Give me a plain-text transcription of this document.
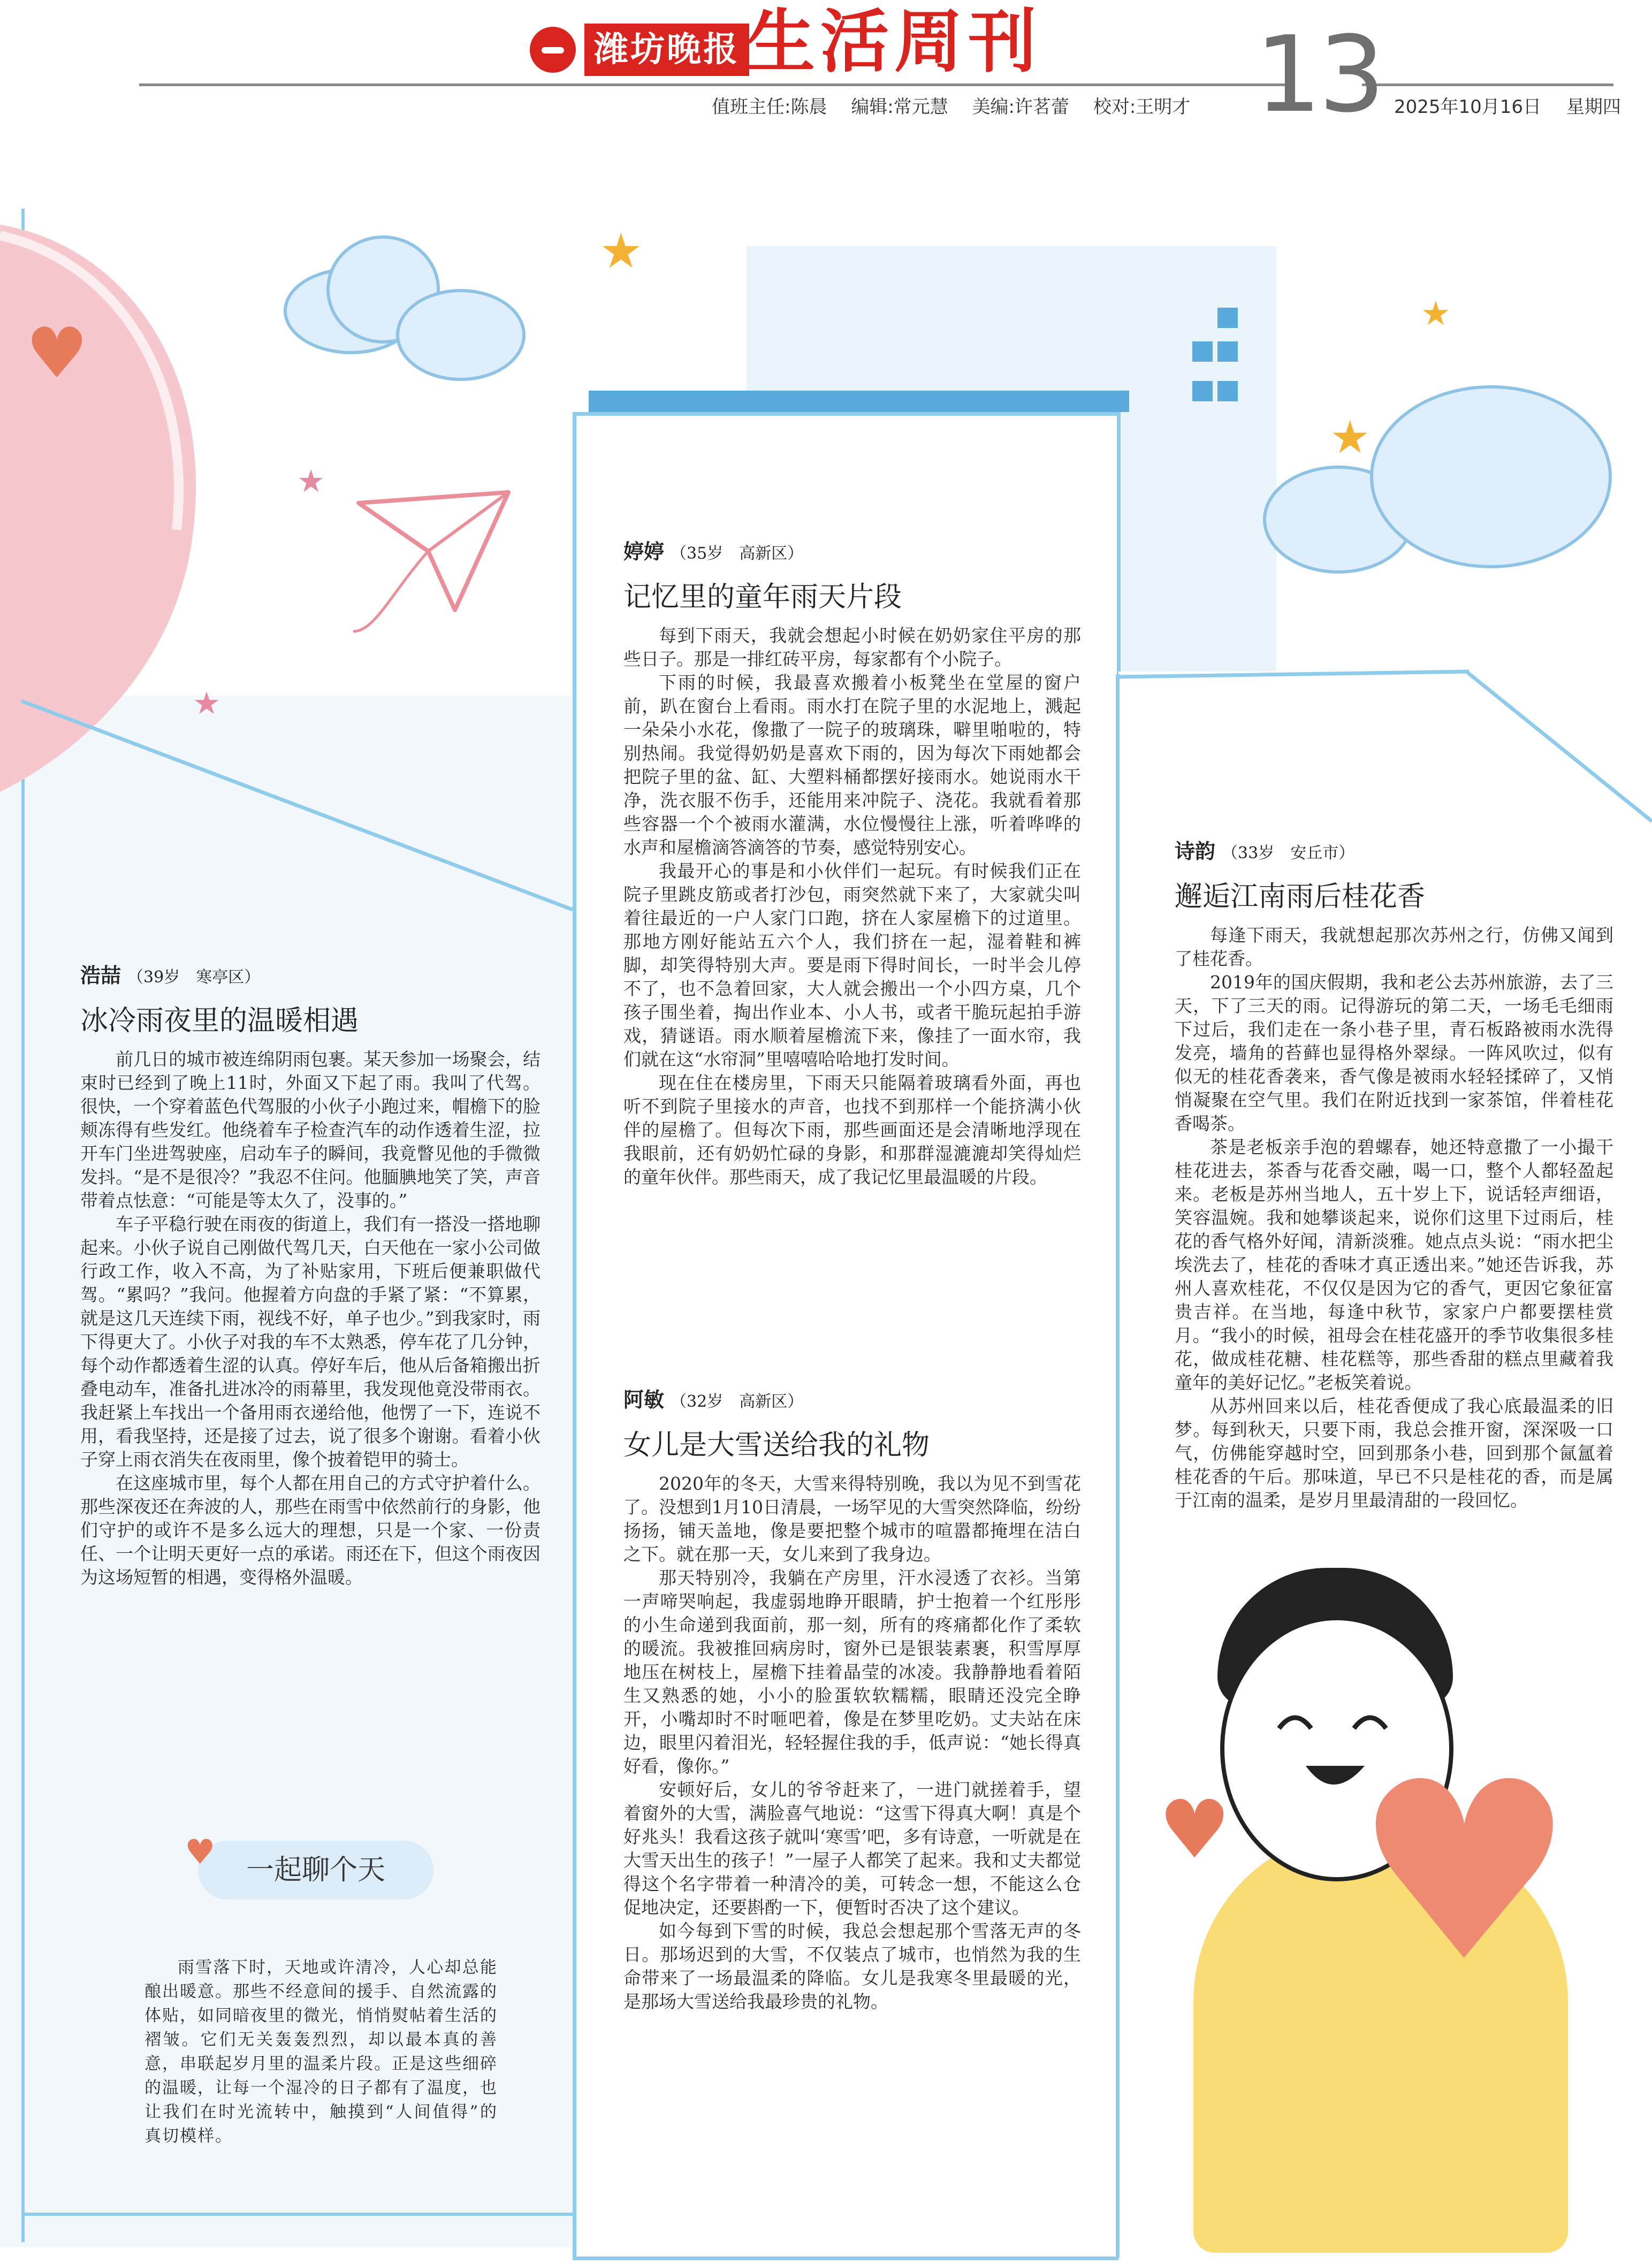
潍坊晚报 生活周刊 13
值班主任:陈晨 编辑:常元慧 美编:许茗蕾 校对:王明才	2025年10月16日 星期四
♥
★
★
★
★
★
浩喆 （39岁　寒亭区）
冰冷雨夜里的温暖相遇

前几日的城市被连绵阴雨包裹。某天参加一场聚会，结束时已经到了晚上11时，外面又下起了雨。我叫了代驾。很快，一个穿着蓝色代驾服的小伙子小跑过来，帽檐下的脸颊冻得有些发红。他绕着车子检查汽车的动作透着生涩，拉开车门坐进驾驶座，启动车子的瞬间，我竟瞥见他的手微微发抖。“是不是很冷？”我忍不住问。他腼腆地笑了笑，声音带着点怯意：“可能是等太久了，没事的。”

车子平稳行驶在雨夜的街道上，我们有一搭没一搭地聊起来。小伙子说自己刚做代驾几天，白天他在一家小公司做行政工作，收入不高，为了补贴家用，下班后便兼职做代驾。“累吗？”我问。他握着方向盘的手紧了紧：“不算累，就是这几天连续下雨，视线不好，单子也少。”到我家时，雨下得更大了。小伙子对我的车不太熟悉，停车花了几分钟，每个动作都透着生涩的认真。停好车后，他从后备箱搬出折叠电动车，准备扎进冰冷的雨幕里，我发现他竟没带雨衣。我赶紧上车找出一个备用雨衣递给他，他愣了一下，连说不用，看我坚持，还是接了过去，说了很多个谢谢。看着小伙子穿上雨衣消失在夜雨里，像个披着铠甲的骑士。

在这座城市里，每个人都在用自己的方式守护着什么。那些深夜还在奔波的人，那些在雨雪中依然前行的身影，他们守护的或许不是多么远大的理想，只是一个家、一份责任、一个让明天更好一点的承诺。雨还在下，但这个雨夜因为这场短暂的相遇，变得格外温暖。

婷婷 （35岁　高新区）
记忆里的童年雨天片段

每到下雨天，我就会想起小时候在奶奶家住平房的那些日子。那是一排红砖平房，每家都有个小院子。

下雨的时候，我最喜欢搬着小板凳坐在堂屋的窗户前，趴在窗台上看雨。雨水打在院子里的水泥地上，溅起一朵朵小水花，像撒了一院子的玻璃珠，噼里啪啦的，特别热闹。我觉得奶奶是喜欢下雨的，因为每次下雨她都会把院子里的盆、缸、大塑料桶都摆好接雨水。她说雨水干净，洗衣服不伤手，还能用来冲院子、浇花。我就看着那些容器一个个被雨水灌满，水位慢慢往上涨，听着哗哗的水声和屋檐滴答滴答的节奏，感觉特别安心。

我最开心的事是和小伙伴们一起玩。有时候我们正在院子里跳皮筋或者打沙包，雨突然就下来了，大家就尖叫着往最近的一户人家门口跑，挤在人家屋檐下的过道里。那地方刚好能站五六个人，我们挤在一起，湿着鞋和裤脚，却笑得特别大声。要是雨下得时间长，一时半会儿停不了，也不急着回家，大人就会搬出一个小四方桌，几个孩子围坐着，掏出作业本、小人书，或者干脆玩起拍手游戏，猜谜语。雨水顺着屋檐流下来，像挂了一面水帘，我们就在这“水帘洞”里嘻嘻哈哈地打发时间。

现在住在楼房里，下雨天只能隔着玻璃看外面，再也听不到院子里接水的声音，也找不到那样一个能挤满小伙伴的屋檐了。但每次下雨，那些画面还是会清晰地浮现在我眼前，还有奶奶忙碌的身影，和那群湿漉漉却笑得灿烂的童年伙伴。那些雨天，成了我记忆里最温暖的片段。

阿敏 （32岁　高新区）
女儿是大雪送给我的礼物

2020年的冬天，大雪来得特别晚，我以为见不到雪花了。没想到1月10日清晨，一场罕见的大雪突然降临，纷纷扬扬，铺天盖地，像是要把整个城市的喧嚣都掩埋在洁白之下。就在那一天，女儿来到了我身边。

那天特别冷，我躺在产房里，汗水浸透了衣衫。当第一声啼哭响起，我虚弱地睁开眼睛，护士抱着一个红彤彤的小生命递到我面前，那一刻，所有的疼痛都化作了柔软的暖流。我被推回病房时，窗外已是银装素裹，积雪厚厚地压在树枝上，屋檐下挂着晶莹的冰凌。我静静地看着陌生又熟悉的她，小小的脸蛋软软糯糯，眼睛还没完全睁开，小嘴却时不时咂吧着，像是在梦里吃奶。丈夫站在床边，眼里闪着泪光，轻轻握住我的手，低声说：“她长得真好看，像你。”

安顿好后，女儿的爷爷赶来了，一进门就搓着手，望着窗外的大雪，满脸喜气地说：“这雪下得真大啊！真是个好兆头！我看这孩子就叫‘寒雪’吧，多有诗意，一听就是在大雪天出生的孩子！”一屋子人都笑了起来。我和丈夫都觉得这个名字带着一种清冷的美，可转念一想，不能这么仓促地决定，还要斟酌一下，便暂时否决了这个建议。

如今每到下雪的时候，我总会想起那个雪落无声的冬日。那场迟到的大雪，不仅装点了城市，也悄然为我的生命带来了一场最温柔的降临。女儿是我寒冬里最暖的光，是那场大雪送给我最珍贵的礼物。

诗韵 （33岁　安丘市）
邂逅江南雨后桂花香

每逢下雨天，我就想起那次苏州之行，仿佛又闻到了桂花香。

2019年的国庆假期，我和老公去苏州旅游，去了三天，下了三天的雨。记得游玩的第二天，一场毛毛细雨下过后，我们走在一条小巷子里，青石板路被雨水洗得发亮，墙角的苔藓也显得格外翠绿。一阵风吹过，似有似无的桂花香袭来，香气像是被雨水轻轻揉碎了，又悄悄凝聚在空气里。我们在附近找到一家茶馆，伴着桂花香喝茶。

茶是老板亲手泡的碧螺春，她还特意撒了一小撮干桂花进去，茶香与花香交融，喝一口，整个人都轻盈起来。老板是苏州当地人，五十岁上下，说话轻声细语，笑容温婉。我和她攀谈起来，说你们这里下过雨后，桂花的香气格外好闻，清新淡雅。她点点头说：“雨水把尘埃洗去了，桂花的香味才真正透出来。”她还告诉我，苏州人喜欢桂花，不仅仅是因为它的香气，更因它象征富贵吉祥。在当地，每逢中秋节，家家户户都要摆桂赏月。“我小的时候，祖母会在桂花盛开的季节收集很多桂花，做成桂花糖、桂花糕等，那些香甜的糕点里藏着我童年的美好记忆。”老板笑着说。

从苏州回来以后，桂花香便成了我心底最温柔的旧梦。每到秋天，只要下雨，我总会推开窗，深深吸一口气，仿佛能穿越时空，回到那条小巷，回到那个氤氲着桂花香的午后。那味道，早已不只是桂花的香，而是属于江南的温柔，是岁月里最清甜的一段回忆。

♥	一起聊个天

雨雪落下时，天地或许清冷，人心却总能酿出暖意。那些不经意间的援手、自然流露的体贴，如同暗夜里的微光，悄悄熨帖着生活的褶皱。它们无关轰轰烈烈，却以最本真的善意，串联起岁月里的温柔片段。正是这些细碎的温暖，让每一个湿冷的日子都有了温度，也让我们在时光流转中，触摸到“人间值得”的真切模样。

♥ ♥
